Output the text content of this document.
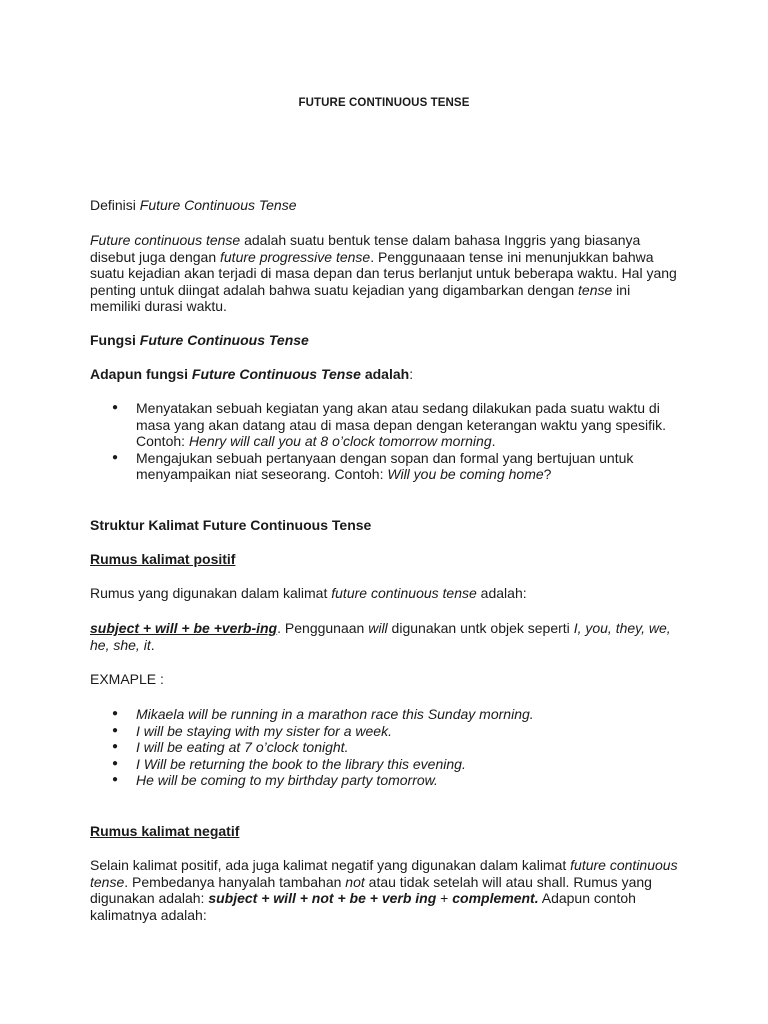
FUTURE CONTINUOUS TENSE
Definisi Future Continuous Tense

Future continuous tense adalah suatu bentuk tense dalam bahasa Inggris yang biasanya disebut juga dengan future progressive tense. Penggunaaan tense ini menunjukkan bahwa suatu kejadian akan terjadi di masa depan dan terus berlanjut untuk beberapa waktu. Hal yang penting untuk diingat adalah bahwa suatu kejadian yang digambarkan dengan tense ini memiliki durasi waktu.

Fungsi Future Continuous Tense
Adapun fungsi Future Continuous Tense adalah:
● Menyatakan sebuah kegiatan yang akan atau sedang dilakukan pada suatu waktu di masa yang akan datang atau di masa depan dengan keterangan waktu yang spesifik. Contoh: Henry will call you at 8 o’clock tomorrow morning.
● Mengajukan sebuah pertanyaan dengan sopan dan formal yang bertujuan untuk menyampaikan niat seseorang. Contoh: Will you be coming home?
Struktur Kalimat Future Continuous Tense
Rumus kalimat positif
Rumus yang digunakan dalam kalimat future continuous tense adalah:

subject + will + be +verb-ing. Penggunaan will digunakan untk objek seperti I, you, they, we, he, she, it.

EXMAPLE :
● Mikaela will be running in a marathon race this Sunday morning.
● I will be staying with my sister for a week.
● I will be eating at 7 o’clock tonight.
● I Will be returning the book to the library this evening.
● He will be coming to my birthday party tomorrow.
Rumus kalimat negatif

Selain kalimat positif, ada juga kalimat negatif yang digunakan dalam kalimat future continuous tense. Pembedanya hanyalah tambahan not atau tidak setelah will atau shall. Rumus yang digunakan adalah: subject + will + not + be + verb ing + complement. Adapun contoh kalimatnya adalah:
